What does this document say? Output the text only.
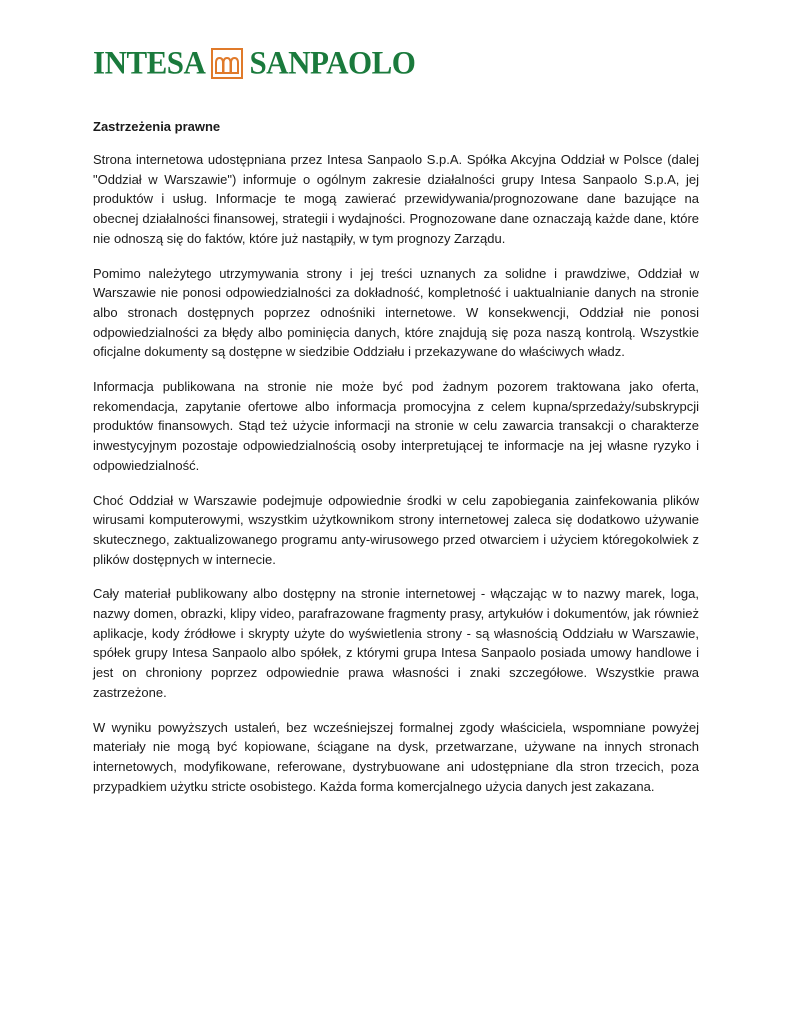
INTESA SANPAOLO
Zastrzeżenia prawne

Strona internetowa udostępniana przez Intesa Sanpaolo S.p.A. Spółka Akcyjna Oddział w Polsce (dalej "Oddział w Warszawie") informuje o ogólnym zakresie działalności grupy Intesa Sanpaolo S.p.A, jej produktów i usług. Informacje te mogą zawierać przewidywania/prognozowane dane bazujące na obecnej działalności finansowej, strategii i wydajności. Prognozowane dane oznaczają każde dane, które nie odnoszą się do faktów, które już nastąpiły, w tym prognozy Zarządu.

Pomimo należytego utrzymywania strony i jej treści uznanych za solidne i prawdziwe, Oddział w Warszawie nie ponosi odpowiedzialności za dokładność, kompletność i uaktualnianie danych na stronie albo stronach dostępnych poprzez odnośniki internetowe. W konsekwencji, Oddział nie ponosi odpowiedzialności za błędy albo pominięcia danych, które znajdują się poza naszą kontrolą. Wszystkie oficjalne dokumenty są dostępne w siedzibie Oddziału i przekazywane do właściwych władz.

Informacja publikowana na stronie nie może być pod żadnym pozorem traktowana jako oferta, rekomendacja, zapytanie ofertowe albo informacja promocyjna z celem kupna/sprzedaży/subskrypcji produktów finansowych. Stąd też użycie informacji na stronie w celu zawarcia transakcji o charakterze inwestycyjnym pozostaje odpowiedzialnością osoby interpretującej te informacje na jej własne ryzyko i odpowiedzialność.

Choć Oddział w Warszawie podejmuje odpowiednie środki w celu zapobiegania zainfekowania plików wirusami komputerowymi, wszystkim użytkownikom strony internetowej zaleca się dodatkowo używanie skutecznego, zaktualizowanego programu anty-wirusowego przed otwarciem i użyciem któregokolwiek z plików dostępnych w internecie.

Cały materiał publikowany albo dostępny na stronie internetowej - włączając w to nazwy marek, loga, nazwy domen, obrazki, klipy video, parafrazowane fragmenty prasy, artykułów i dokumentów, jak również aplikacje, kody źródłowe i skrypty użyte do wyświetlenia strony - są własnością Oddziału w Warszawie, spółek grupy Intesa Sanpaolo albo spółek, z którymi grupa Intesa Sanpaolo posiada umowy handlowe i jest on chroniony poprzez odpowiednie prawa własności i znaki szczegółowe. Wszystkie prawa zastrzeżone.

W wyniku powyższych ustaleń, bez wcześniejszej formalnej zgody właściciela, wspomniane powyżej materiały nie mogą być kopiowane, ściągane na dysk, przetwarzane, używane na innych stronach internetowych, modyfikowane, referowane, dystrybuowane ani udostępniane dla stron trzecich, poza przypadkiem użytku stricte osobistego. Każda forma komercjalnego użycia danych jest zakazana.
